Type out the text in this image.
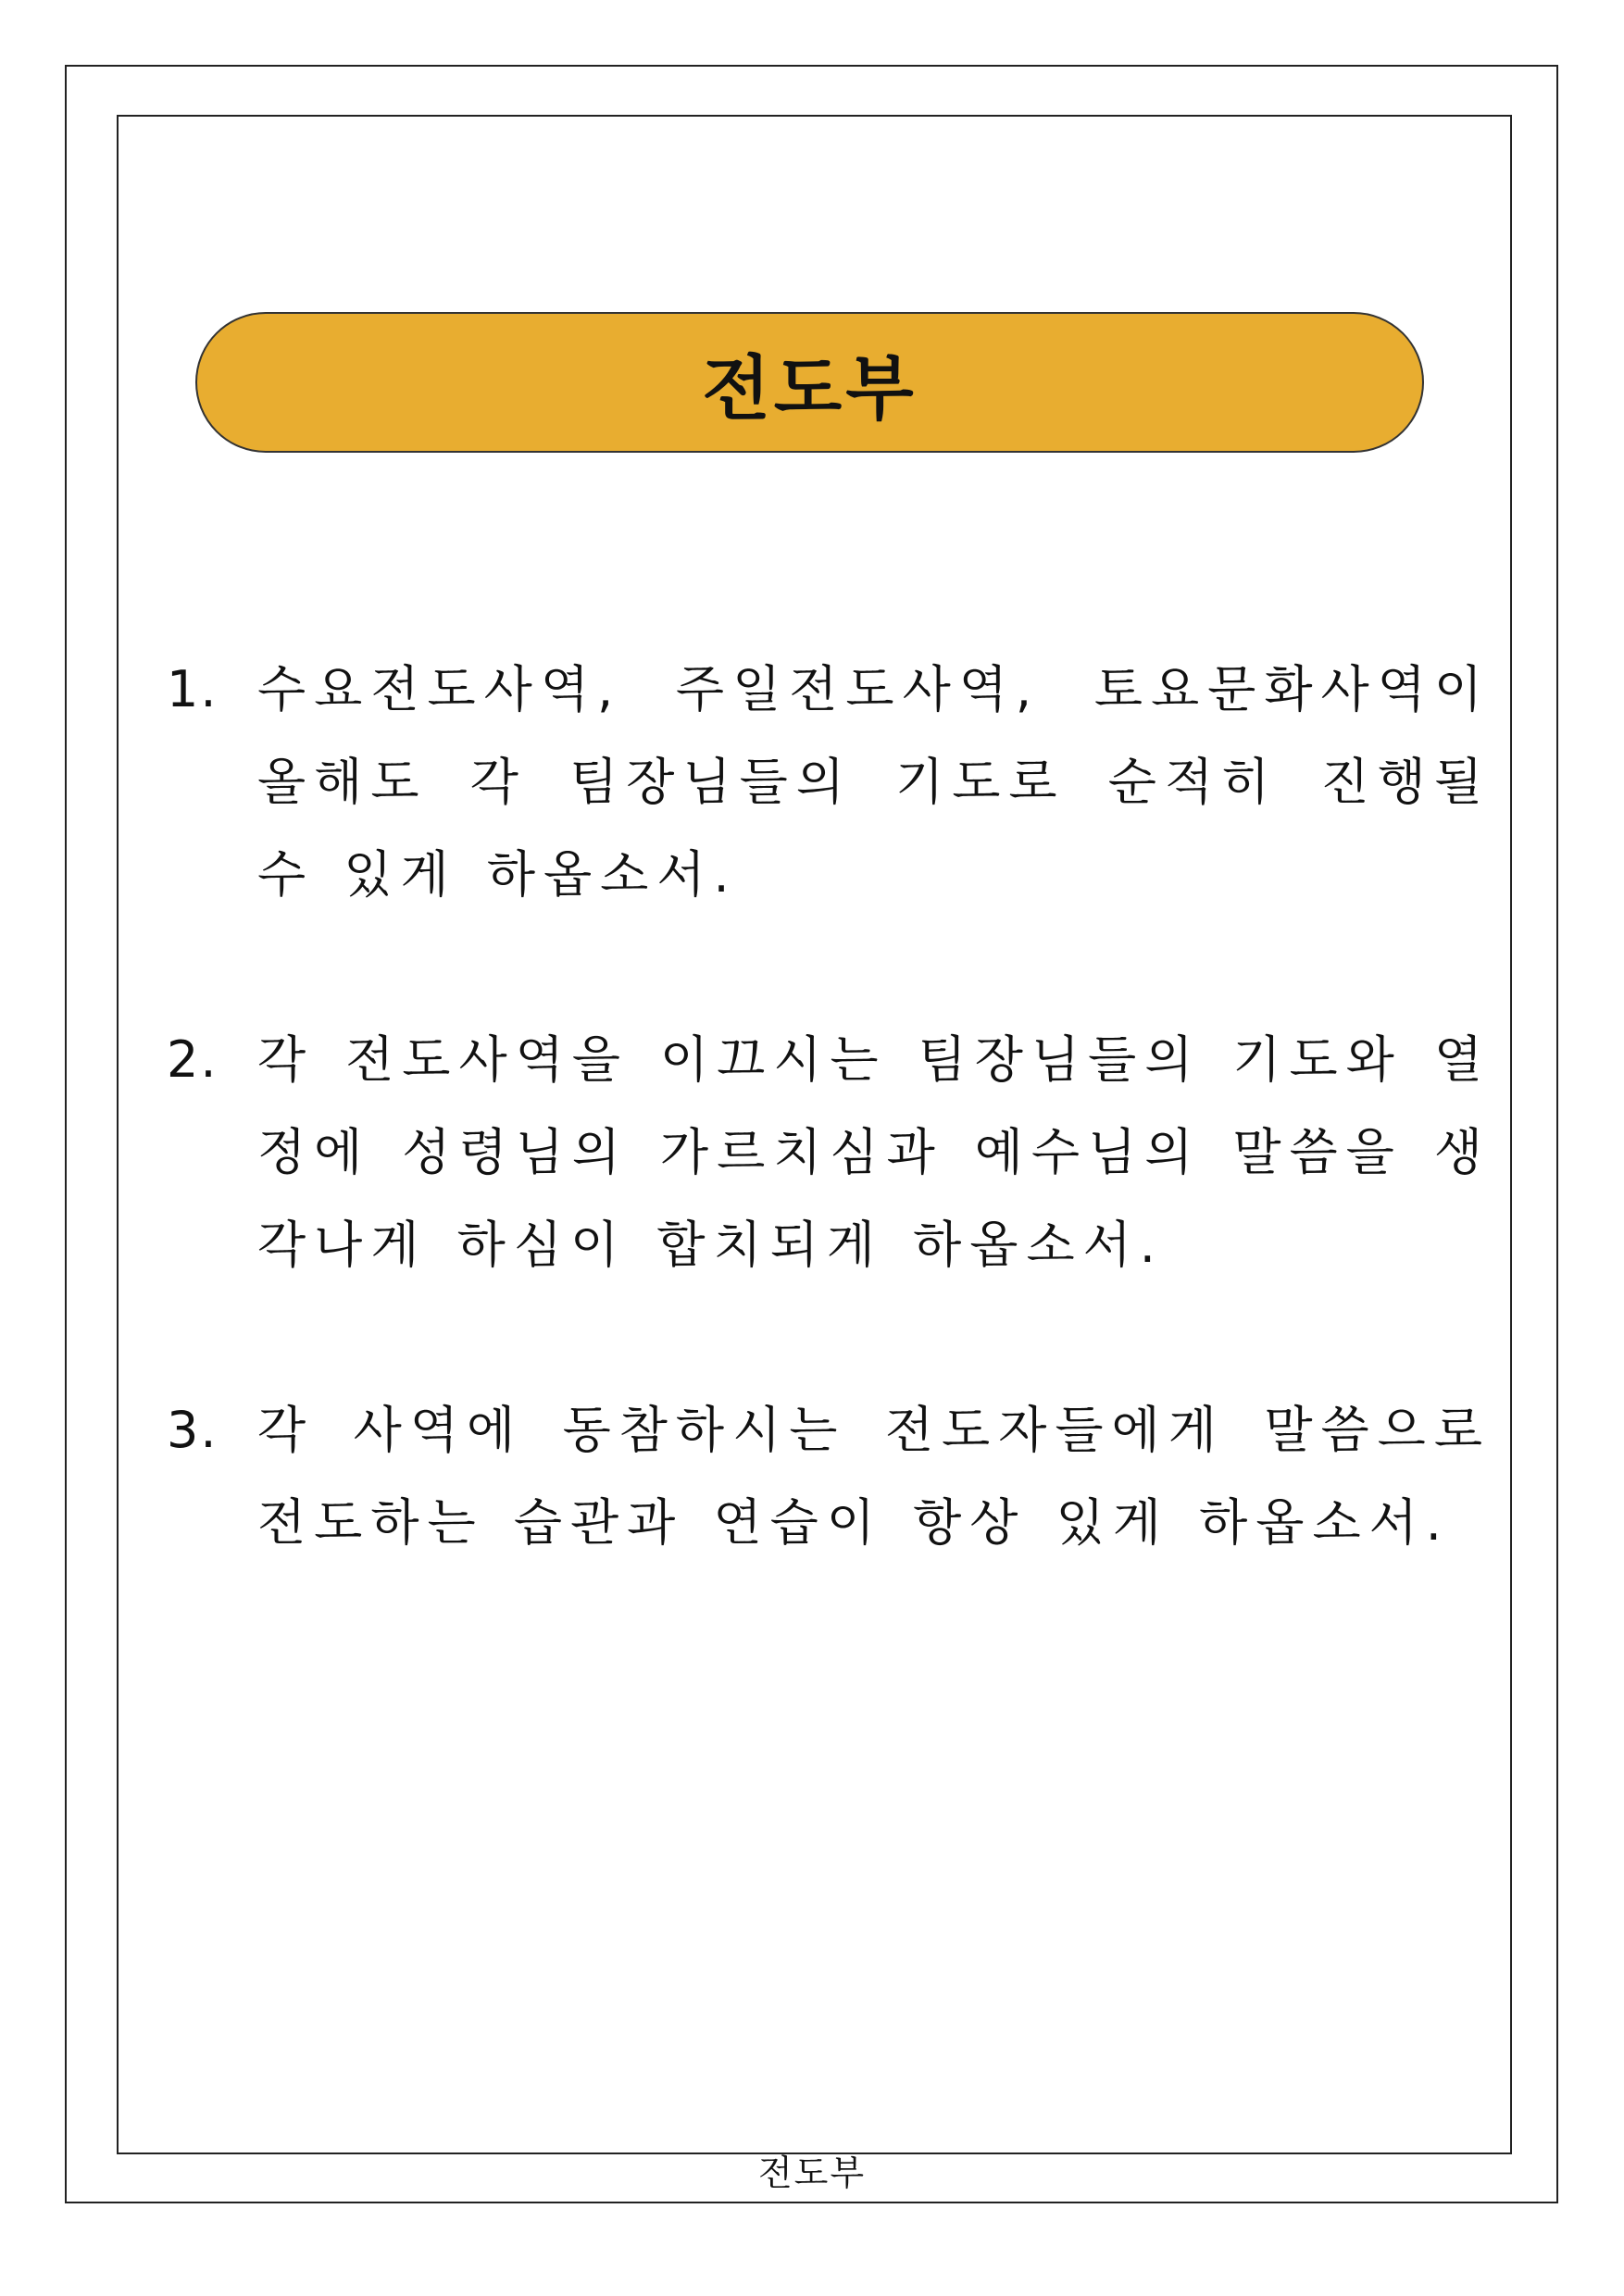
전도부
1. 수요전도사역, 주일전도사역, 토요문화사역이 올해도 각 팀장님들의 기도로 순적히 진행될 수 있게 하옵소서.
2. 각 전도사역을 이끄시는 팀장님들의 기도와 열정에 성령님의 가르치심과 예수님의 말씀을 생각나게 하심이 합치되게 하옵소서.
3. 각 사역에 동참하시는 전도자들에게 말씀으로 전도하는 습관과 연습이 항상 있게 하옵소서.
전도부
